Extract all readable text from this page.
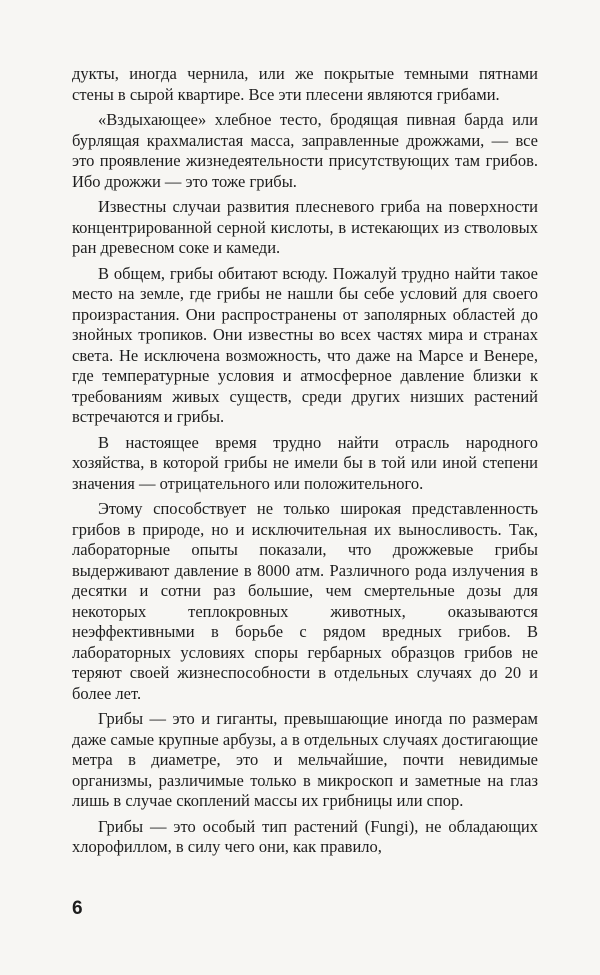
дукты, иногда чернила, или же покрытые темными пятнами стены в сырой квартире. Все эти плесени являются грибами.

«Вздыхающее» хлебное тесто, бродящая пивная барда или бурлящая крахмалистая масса, заправленные дрожжами, — все это проявление жизнедеятельности присутствующих там грибов. Ибо дрожжи — это тоже грибы.

Известны случаи развития плесневого гриба на поверхности концентрированной серной кислоты, в истекающих из стволовых ран древесном соке и камеди.

В общем, грибы обитают всюду. Пожалуй трудно найти такое место на земле, где грибы не нашли бы себе условий для своего произрастания. Они распространены от заполярных областей до знойных тропиков. Они известны во всех частях мира и странах света. Не исключена возможность, что даже на Марсе и Венере, где температурные условия и атмосферное давление близки к требованиям живых существ, среди других низших растений встречаются и грибы.

В настоящее время трудно найти отрасль народного хозяйства, в которой грибы не имели бы в той или иной степени значения — отрицательного или положительного.

Этому способствует не только широкая представленность грибов в природе, но и исключительная их выносливость. Так, лабораторные опыты показали, что дрожжевые грибы выдерживают давление в 8000 атм. Различного рода излучения в десятки и сотни раз большие, чем смертельные дозы для некоторых теплокровных животных, оказываются неэффективными в борьбе с рядом вредных грибов. В лабораторных условиях споры гербарных образцов грибов не теряют своей жизнеспособности в отдельных случаях до 20 и более лет.

Грибы — это и гиганты, превышающие иногда по размерам даже самые крупные арбузы, а в отдельных случаях достигающие метра в диаметре, это и мельчайшие, почти невидимые организмы, различимые только в микроскоп и заметные на глаз лишь в случае скоплений массы их грибницы или спор.

Грибы — это особый тип растений (Fungi), не обладающих хлорофиллом, в силу чего они, как правило,

6
